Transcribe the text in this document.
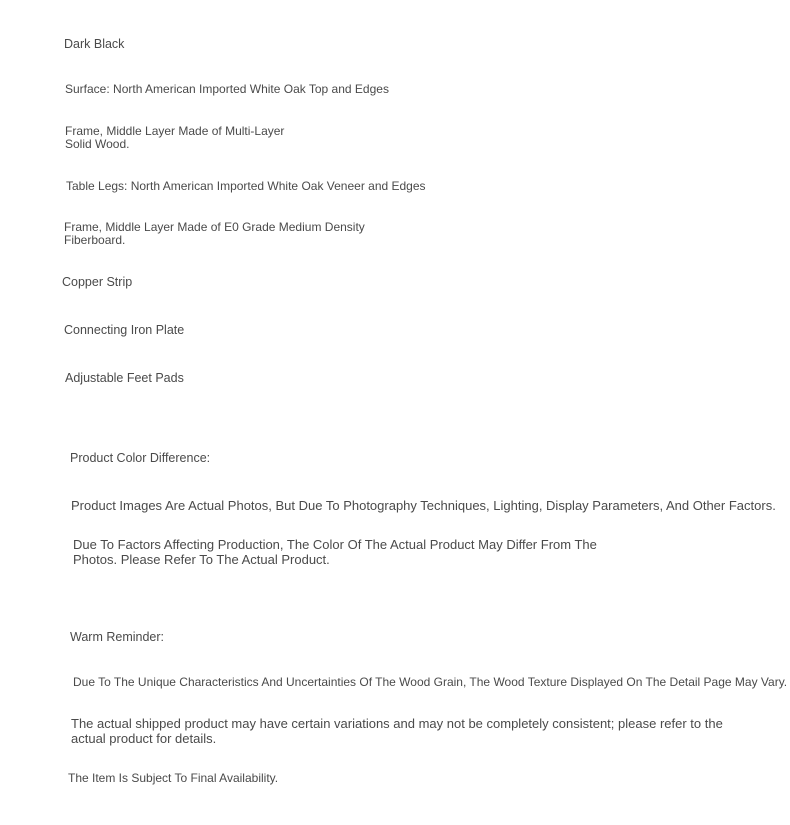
Dark Black

Surface: North American Imported White Oak Top and Edges

Frame, Middle Layer Made of Multi-Layer
Solid Wood.

Table Legs: North American Imported White Oak Veneer and Edges

Frame, Middle Layer Made of E0 Grade Medium Density
Fiberboard.

Copper Strip

Connecting Iron Plate

Adjustable Feet Pads

Product Color Difference:

Product Images Are Actual Photos, But Due To Photography Techniques, Lighting, Display Parameters, And Other Factors.

Due To Factors Affecting Production, The Color Of The Actual Product May Differ From The
Photos. Please Refer To The Actual Product.

Warm Reminder:

Due To The Unique Characteristics And Uncertainties Of The Wood Grain, The Wood Texture Displayed On The Detail Page May Vary.

The actual shipped product may have certain variations and may not be completely consistent; please refer to the
actual product for details.

The Item Is Subject To Final Availability.
